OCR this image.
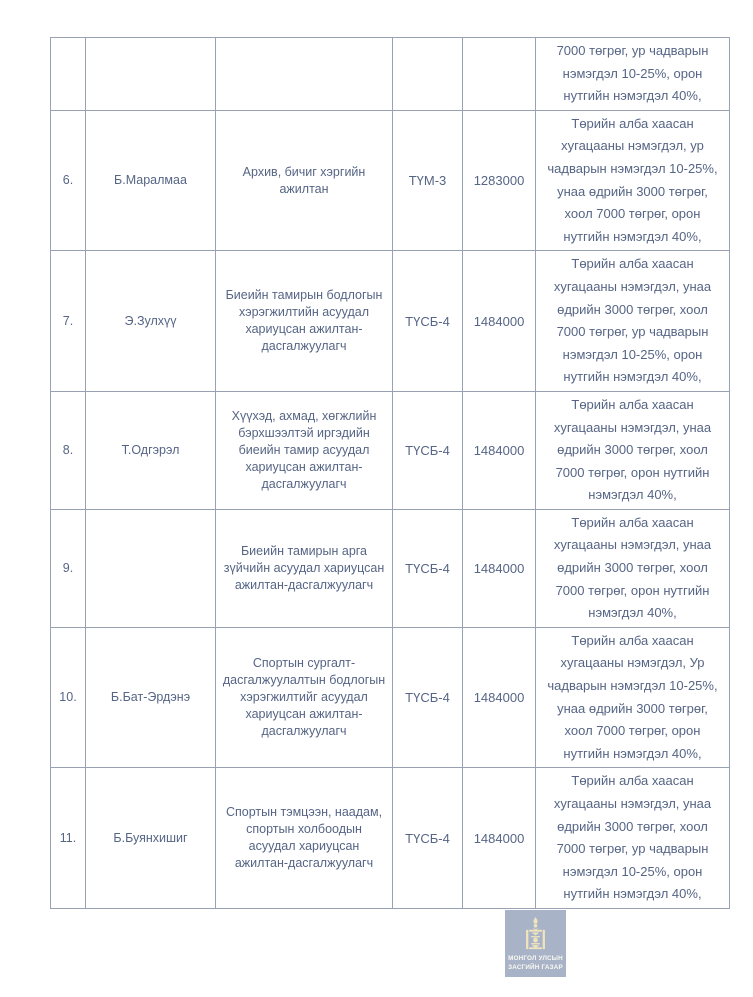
					7000 төгрөг, ур чадварын нэмэгдэл 10-25%, орон нутгийн нэмэгдэл 40%,
6.	Б.Маралмаа	Архив, бичиг хэргийн ажилтан	ТҮМ-3	1283000	Төрийн алба хаасан хугацааны нэмэгдэл, ур чадварын нэмэгдэл 10-25%, унаа өдрийн 3000 төгрөг, хоол 7000 төгрөг, орон нутгийн нэмэгдэл 40%,
7.	Э.Зулхүү	Биеийн тамирын бодлогын хэрэгжилтийн асуудал хариуцсан ажилтан-дасгалжуулагч	ТҮСБ-4	1484000	Төрийн алба хаасан хугацааны нэмэгдэл, унаа өдрийн 3000 төгрөг, хоол 7000 төгрөг, ур чадварын нэмэгдэл 10-25%, орон нутгийн нэмэгдэл 40%,
8.	Т.Одгэрэл	Хүүхэд, ахмад, хөгжлийн бэрхшээлтэй иргэдийн биеийн тамир асуудал хариуцсан ажилтан-дасгалжуулагч	ТҮСБ-4	1484000	Төрийн алба хаасан хугацааны нэмэгдэл, унаа өдрийн 3000 төгрөг, хоол 7000 төгрөг, орон нутгийн нэмэгдэл 40%,
9.		Биеийн тамирын арга зүйчийн асуудал хариуцсан ажилтан-дасгалжуулагч	ТҮСБ-4	1484000	Төрийн алба хаасан хугацааны нэмэгдэл, унаа өдрийн 3000 төгрөг, хоол 7000 төгрөг, орон нутгийн нэмэгдэл 40%,
10.	Б.Бат-Эрдэнэ	Спортын сургалт-дасгалжуулалтын бодлогын хэрэгжилтийг асуудал хариуцсан ажилтан-дасгалжуулагч	ТҮСБ-4	1484000	Төрийн алба хаасан хугацааны нэмэгдэл, Ур чадварын нэмэгдэл 10-25%, унаа өдрийн 3000 төгрөг, хоол 7000 төгрөг, орон нутгийн нэмэгдэл 40%,
11.	Б.Буянхишиг	Спортын тэмцээн, наадам, спортын холбоодын асуудал хариуцсан ажилтан-дасгалжуулагч	ТҮСБ-4	1484000	Төрийн алба хаасан хугацааны нэмэгдэл, унаа өдрийн 3000 төгрөг, хоол 7000 төгрөг, ур чадварын нэмэгдэл 10-25%, орон нутгийн нэмэгдэл 40%,
МОНГОЛ УЛСЫН
ЗАСГИЙН ГАЗАР
